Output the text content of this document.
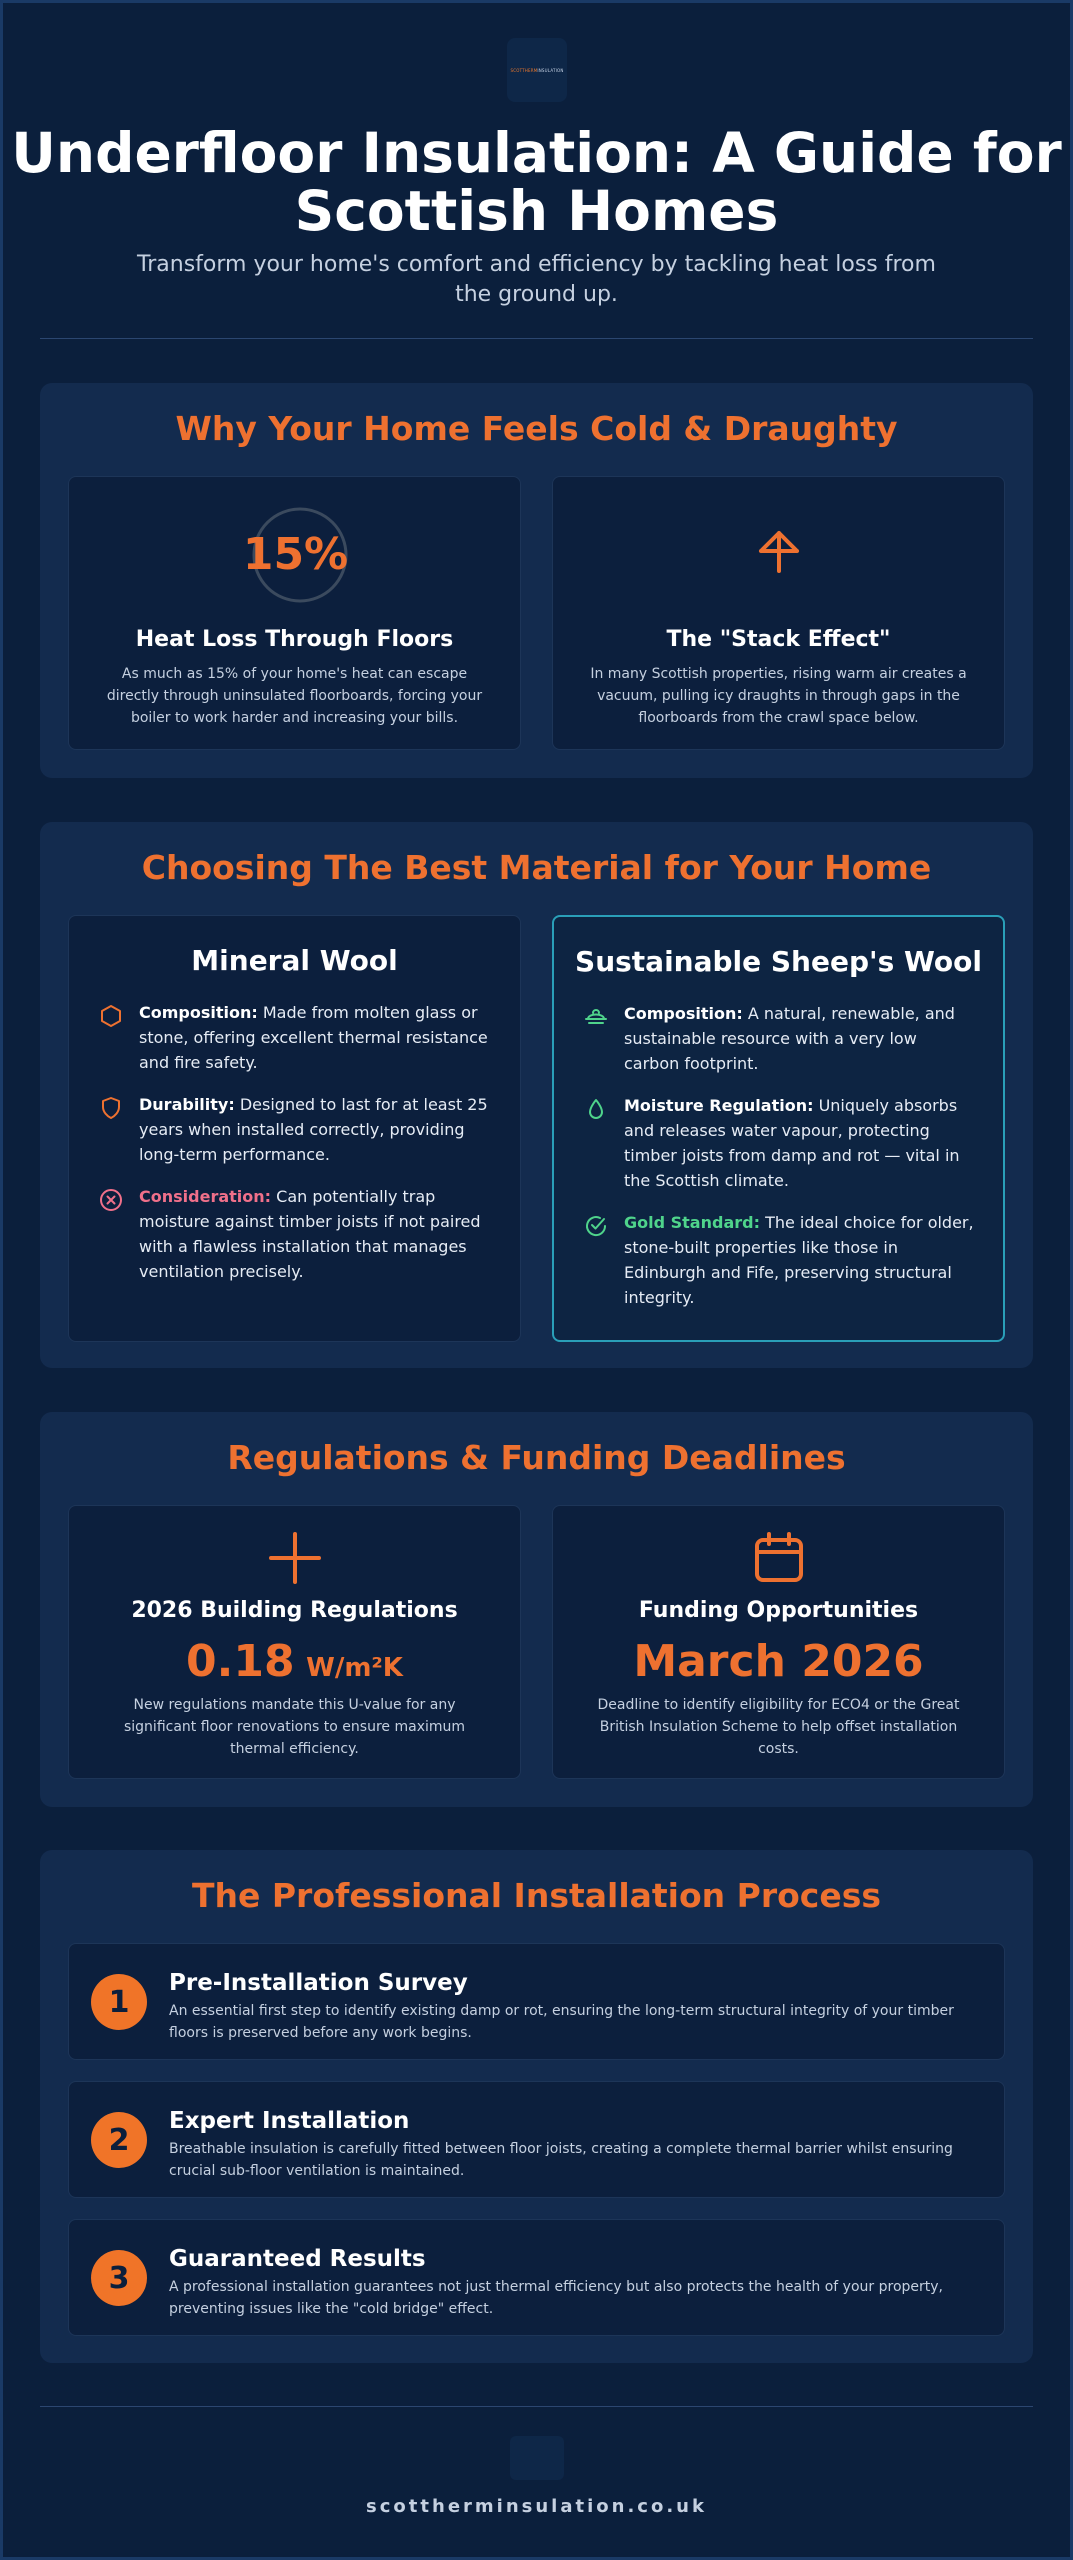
SCOTTHERMINSULATION
Underfloor Insulation: A Guide for Scottish Homes

Transform your home's comfort and efficiency by tackling heat loss from the ground up.

Why Your Home Feels Cold & Draughty
15%
Heat Loss Through Floors
As much as 15% of your home's heat can escape directly through uninsulated floorboards, forcing your boiler to work harder and increasing your bills.
The "Stack Effect"
In many Scottish properties, rising warm air creates a vacuum, pulling icy draughts in through gaps in the floorboards from the crawl space below.
Choosing The Best Material for Your Home
Mineral Wool

Composition: Made from molten glass or stone, offering excellent thermal resistance and fire safety.

Durability: Designed to last for at least 25 years when installed correctly, providing long-term performance.

Consideration: Can potentially trap moisture against timber joists if not paired with a flawless installation that manages ventilation precisely.

Sustainable Sheep's Wool

Composition: A natural, renewable, and sustainable resource with a very low carbon footprint.

Moisture Regulation: Uniquely absorbs and releases water vapour, protecting timber joists from damp and rot — vital in the Scottish climate.

Gold Standard: The ideal choice for older, stone-built properties like those in Edinburgh and Fife, preserving structural integrity.

Regulations & Funding Deadlines
2026 Building Regulations
0.18 W/m²K
New regulations mandate this U-value for any significant floor renovations to ensure maximum thermal efficiency.
Funding Opportunities
March 2026
Deadline to identify eligibility for ECO4 or the Great British Insulation Scheme to help offset installation costs.
The Professional Installation Process
1
Pre-Installation Survey
An essential first step to identify existing damp or rot, ensuring the long-term structural integrity of your timber floors is preserved before any work begins.
2
Expert Installation
Breathable insulation is carefully fitted between floor joists, creating a complete thermal barrier whilst ensuring crucial sub-floor ventilation is maintained.
3
Guaranteed Results
A professional installation guarantees not just thermal efficiency but also protects the health of your property, preventing issues like the "cold bridge" effect.
scottherminsulation.co.uk
